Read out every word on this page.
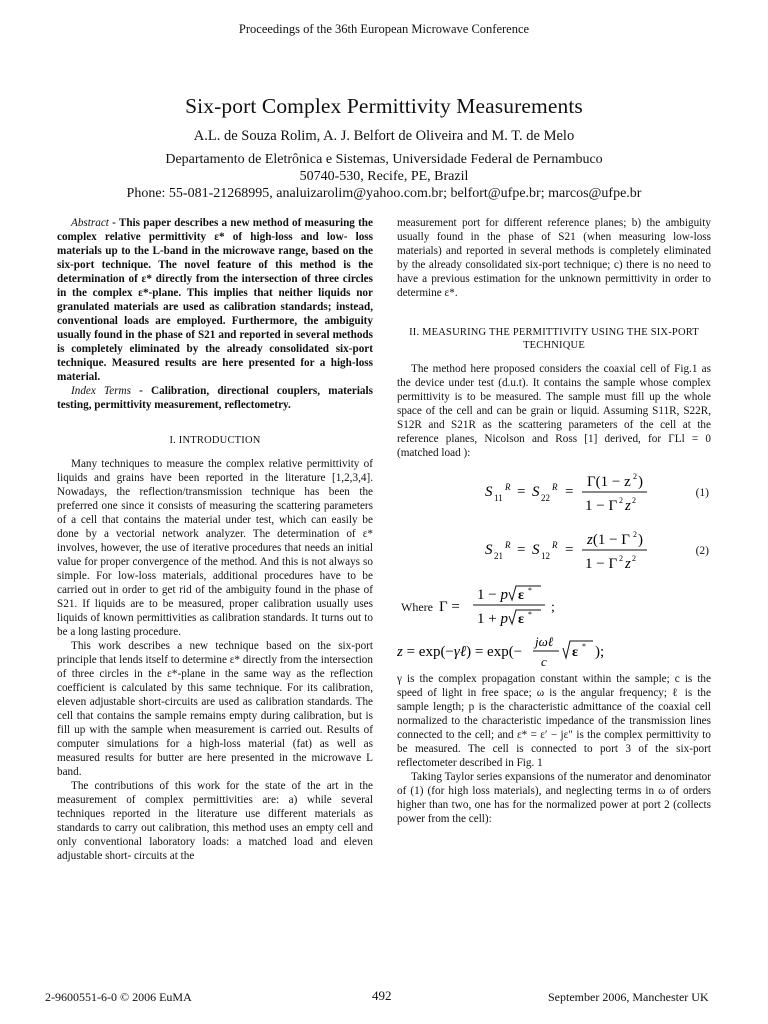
Proceedings of the 36th European Microwave Conference
Six-port Complex Permittivity Measurements
A.L. de Souza Rolim, A. J. Belfort de Oliveira and M. T. de Melo
Departamento de Eletrônica e Sistemas, Universidade Federal de Pernambuco
50740-530, Recife, PE, Brazil
Phone: 55-081-21268995, analuizarolim@yahoo.com.br; belfort@ufpe.br; marcos@ufpe.br

Abstract - This paper describes a new method of measuring the complex relative permittivity ε* of high-loss and low- loss materials up to the L-band in the microwave range, based on the six-port technique. The novel feature of this method is the determination of ε* directly from the intersection of three circles in the complex ε*-plane. This implies that neither liquids nor granulated materials are used as calibration standards; instead, conventional loads are employed. Furthermore, the ambiguity usually found in the phase of S21 and reported in several methods is completely eliminated by the already consolidated six-port technique. Measured results are here presented for a high-loss material.

Index Terms - Calibration, directional couplers, materials testing, permittivity measurement, reflectometry.

I. INTRODUCTION

Many techniques to measure the complex relative permittivity of liquids and grains have been reported in the literature [1,2,3,4]. Nowadays, the reflection/transmission technique has been the preferred one since it consists of measuring the scattering parameters of a cell that contains the material under test, which can easily be done by a vectorial network analyzer. The determination of ε* involves, however, the use of iterative procedures that needs an initial value for proper convergence of the method. And this is not always so simple. For low-loss materials, additional procedures have to be carried out in order to get rid of the ambiguity found in the phase of S21. If liquids are to be measured, proper calibration usually uses liquids of known permittivities as calibration standards. It turns out to be a long lasting procedure.

This work describes a new technique based on the six-port principle that lends itself to determine ε* directly from the intersection of three circles in the ε*-plane in the same way as the reflection coefficient is calculated by this same technique. For its calibration, eleven adjustable short-circuits are used as calibration standards. The cell that contains the sample remains empty during calibration, but is fill up with the sample when measurement is carried out. Results of computer simulations for a high-loss material (fat) as well as measured results for butter are here presented in the microwave L band.

The contributions of this work for the state of the art in the measurement of complex permittivities are: a) while several techniques reported in the literature use different materials as standards to carry out calibration, this method uses an empty cell and only conventional laboratory loads: a matched load and eleven adjustable short- circuits at the

measurement port for different reference planes; b) the ambiguity usually found in the phase of S21 (when measuring low-loss materials) and reported in several methods is completely eliminated by the already consolidated six-port technique; c) there is no need to have a previous estimation for the unknown permittivity in order to determine ε*.

II. MEASURING THE PERMITTIVITY USING THE SIX-PORT TECHNIQUE

The method here proposed considers the coaxial cell of Fig.1 as the device under test (d.u.t). It contains the sample whose complex permittivity is to be measured. The sample must fill up the whole space of the cell and can be grain or liquid. Assuming S11R, S22R, S12R and S21R as the scattering parameters of the cell at the reference planes, Nicolson and Ross [1] derived, for ΓLl = 0 (matched load ):

S 11
R = S 22
R =
Γ(1 − z 2 )
1 − Γ 2 z 2
(1)
S 21
R = S 12
R =
z(1 − Γ 2 )
1 − Γ 2 z 2
(2)
Where Γ =
1 − p ε *
1 + p ε * ;
z = exp(−γℓ) = exp(−
jωℓ
c
ε * );

γ is the complex propagation constant within the sample; c is the speed of light in free space; ω is the angular frequency; ℓ is the sample length; p is the characteristic admittance of the coaxial cell normalized to the characteristic impedance of the transmission lines connected to the cell; and ε* = ε′ − jε″ is the complex permittivity to be measured. The cell is connected to port 3 of the six-port reflectometer described in Fig. 1

Taking Taylor series expansions of the numerator and denominator of (1) (for high loss materials), and neglecting terms in ω of orders higher than two, one has for the normalized power at port 2 (collects power from the cell):

2-9600551-6-0 © 2006 EuMA	492	September 2006, Manchester UK
